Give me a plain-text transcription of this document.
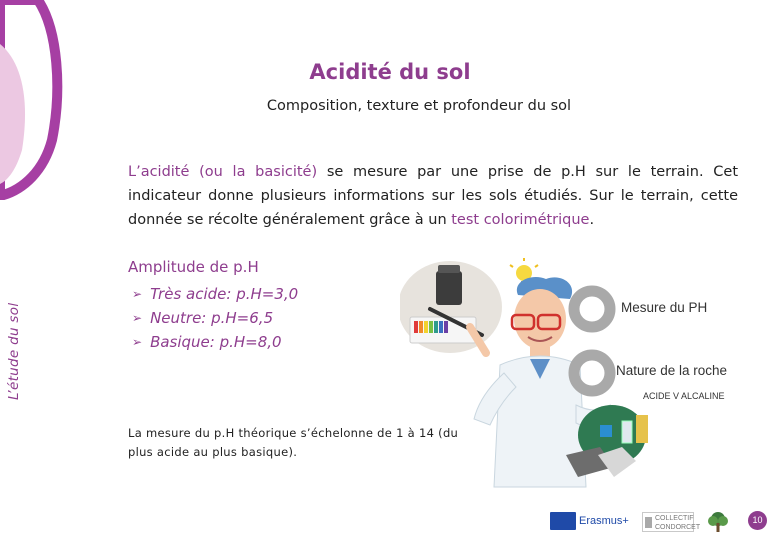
Acidité du sol
Composition, texture et profondeur du sol
L’étude du sol

L’acidité (ou la basicité) se mesure par une prise de p.H sur le terrain. Cet indicateur donne plusieurs informations sur les sols étudiés. Sur le terrain, cette donnée se récolte généralement grâce à un test colorimétrique.

Amplitude de p.H
➢ Très acide: p.H=3,0
➢ Neutre: p.H=6,5
➢ Basique: p.H=8,0

La mesure du p.H théorique s’échelonne de 1 à 14 (du plus acide au plus basique).

Mesure du PH
Nature de la roche
ACIDE V ALCALINE
Erasmus+	COLLECTIF CONDORCET
10
